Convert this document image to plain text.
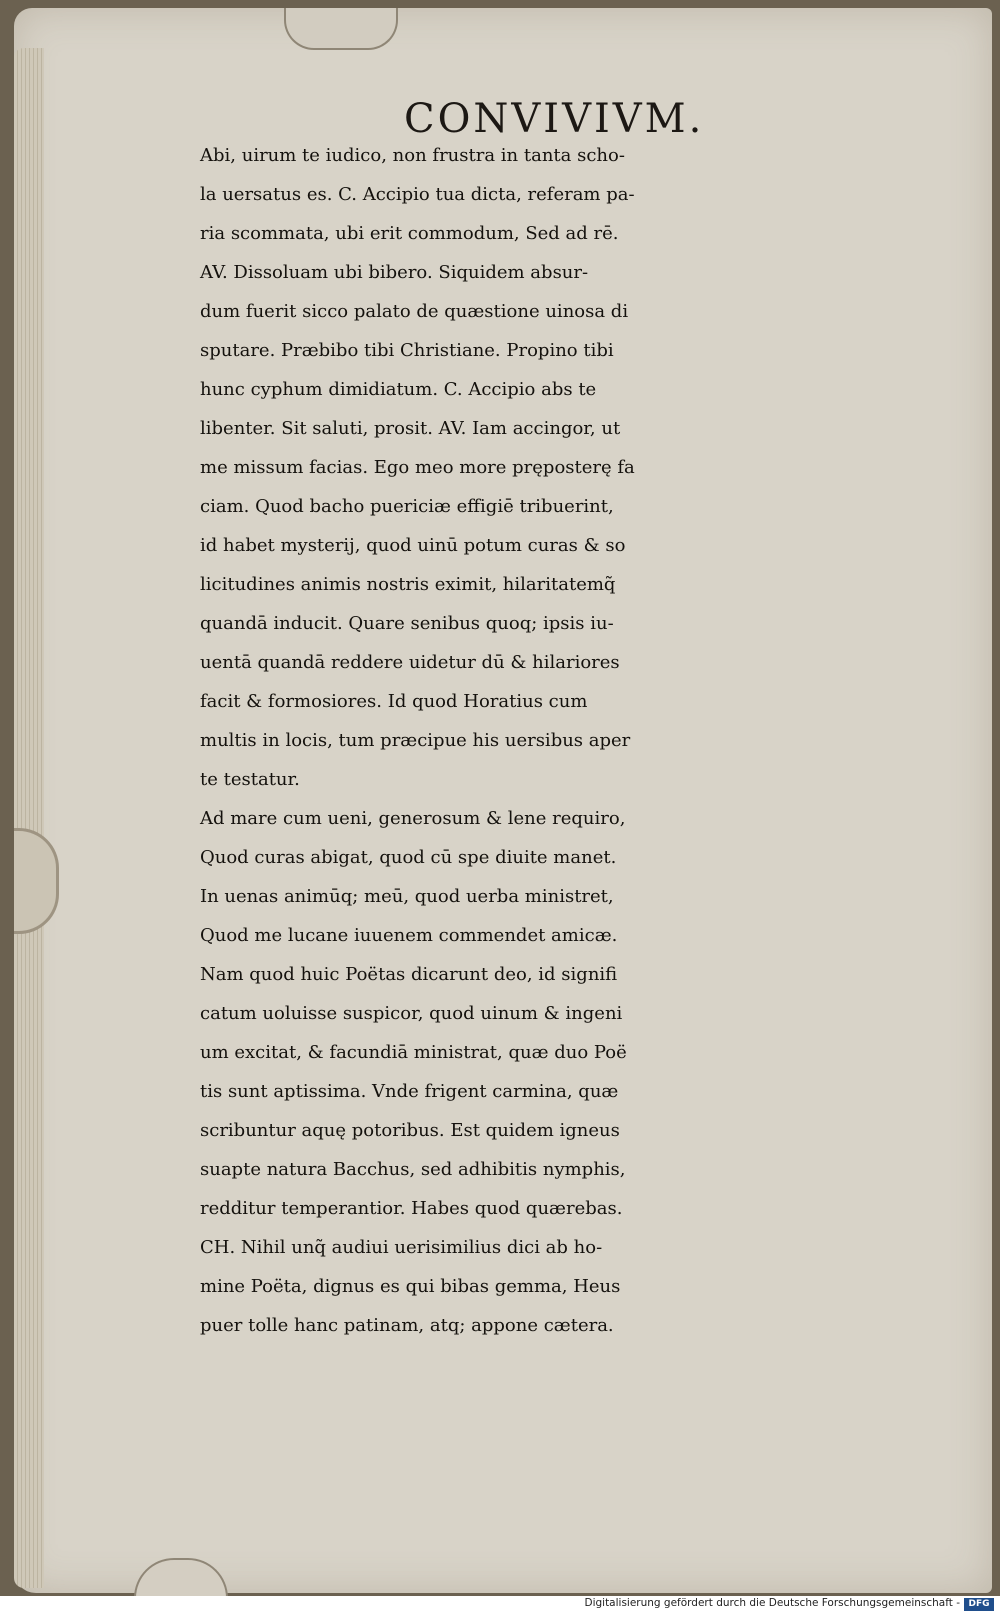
CONVIVIVM.
Abi, uirum te iudico, non frustra in tanta scho‑
la uersatus es. C. Accipio tua dicta, referam pa‑
ria scommata, ubi erit commodum, Sed ad rē.
AV. Dissoluam ubi bibero. Siquidem absur‑
dum fuerit sicco palato de quæstione uinosa di
sputare. Præbibo tibi Christiane. Propino tibi
hunc cyphum dimidiatum. C. Accipio abs te
libenter. Sit saluti, prosit. AV. Iam accingor, ut
me missum facias. Ego meo more pręposterę fa
ciam. Quod bacho puericiæ effigiē tribuerint,
id habet mysterij, quod uinū potum curas & so
licitudines animis nostris eximit, hilaritatemq̃
quandā inducit. Quare senibus quoq; ipsis iu‑
uentā quandā reddere uidetur dū & hilariores
facit & formosiores. Id quod Horatius cum
multis in locis, tum præcipue his uersibus aper
te testatur.
Ad mare cum ueni, generosum & lene requiro,
Quod curas abigat, quod cū spe diuite manet.
In uenas animūq; meū, quod uerba ministret,
Quod me lucane iuuenem commendet amicæ.
Nam quod huic Poëtas dicarunt deo, id signifi
catum uoluisse suspicor, quod uinum & ingeni
um excitat, & facundiā ministrat, quæ duo Poë
tis sunt aptissima. Vnde frigent carmina, quæ
scribuntur aquę potoribus. Est quidem igneus
suapte natura Bacchus, sed adhibitis nymphis,
redditur temperantior. Habes quod quærebas.
CH. Nihil unq̃ audiui uerisimilius dici ab ho‑
mine Poëta, dignus es qui bibas gemma, Heus
puer tolle hanc patinam, atq; appone cætera.
Digitalisierung gefördert durch die Deutsche Forschungsgemeinschaft - DFG
